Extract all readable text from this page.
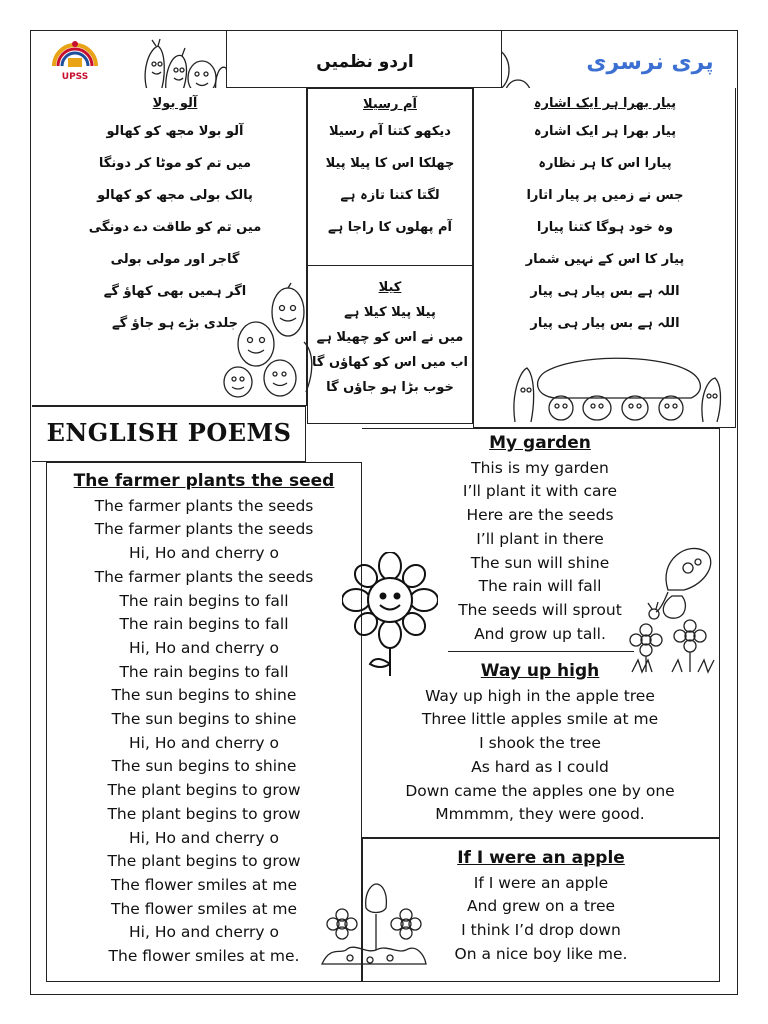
UPSS
اردو نظمیں	پری نرسری
آلو بولا
آلو بولا مجھ کو کھالو
میں تم کو موٹا کر دونگا
پالک بولی مجھ کو کھالو
میں تم کو طاقت دے دونگی
گاجر اور مولی بولی
اگر ہمیں بھی کھاؤ گے
جلدی بڑے ہو جاؤ گے
آم رسیلا
دیکھو کتنا آم رسیلا
چھلکا اس کا پیلا پیلا
لگتا کتنا تازہ ہے
آم پھلوں کا راجا ہے
کیلا
پیلا پیلا کیلا ہے
میں نے اس کو چھیلا ہے
اب میں اس کو کھاؤں گا
خوب بڑا ہو جاؤں گا
پیار بھرا ہر ایک اشارہ
پیار بھرا ہر ایک اشارہ
پیارا اس کا ہر نظارہ
جس نے زمیں پر پیار اتارا
وہ خود ہوگا کتنا پیارا
پیار کا اس کے نہیں شمار
اللہ ہے بس پیار ہی پیار
اللہ ہے بس پیار ہی پیار
ENGLISH POEMS
The farmer plants the seed
The farmer plants the seeds
The farmer plants the seeds
Hi, Ho and cherry o
The farmer plants the seeds
The rain begins to fall
The rain begins to fall
Hi, Ho and cherry o
The rain begins to fall
The sun begins to shine
The sun begins to shine
Hi, Ho and cherry o
The sun begins to shine
The plant begins to grow
The plant begins to grow
Hi, Ho and cherry o
The plant begins to grow
The flower smiles at me
The flower smiles at me
Hi, Ho and cherry o
The flower smiles at me.
My garden
This is my garden
I’ll plant it with care
Here are the seeds
I’ll plant in there
The sun will shine
The rain will fall
The seeds will sprout
And grow up tall.
Way up high
Way up high in the apple tree
Three little apples smile at me
I shook the tree
As hard as I could
Down came the apples one by one
Mmmmm, they were good.
If I were an apple
If I were an apple
And grew on a tree
I think I’d drop down
On a nice boy like me.
